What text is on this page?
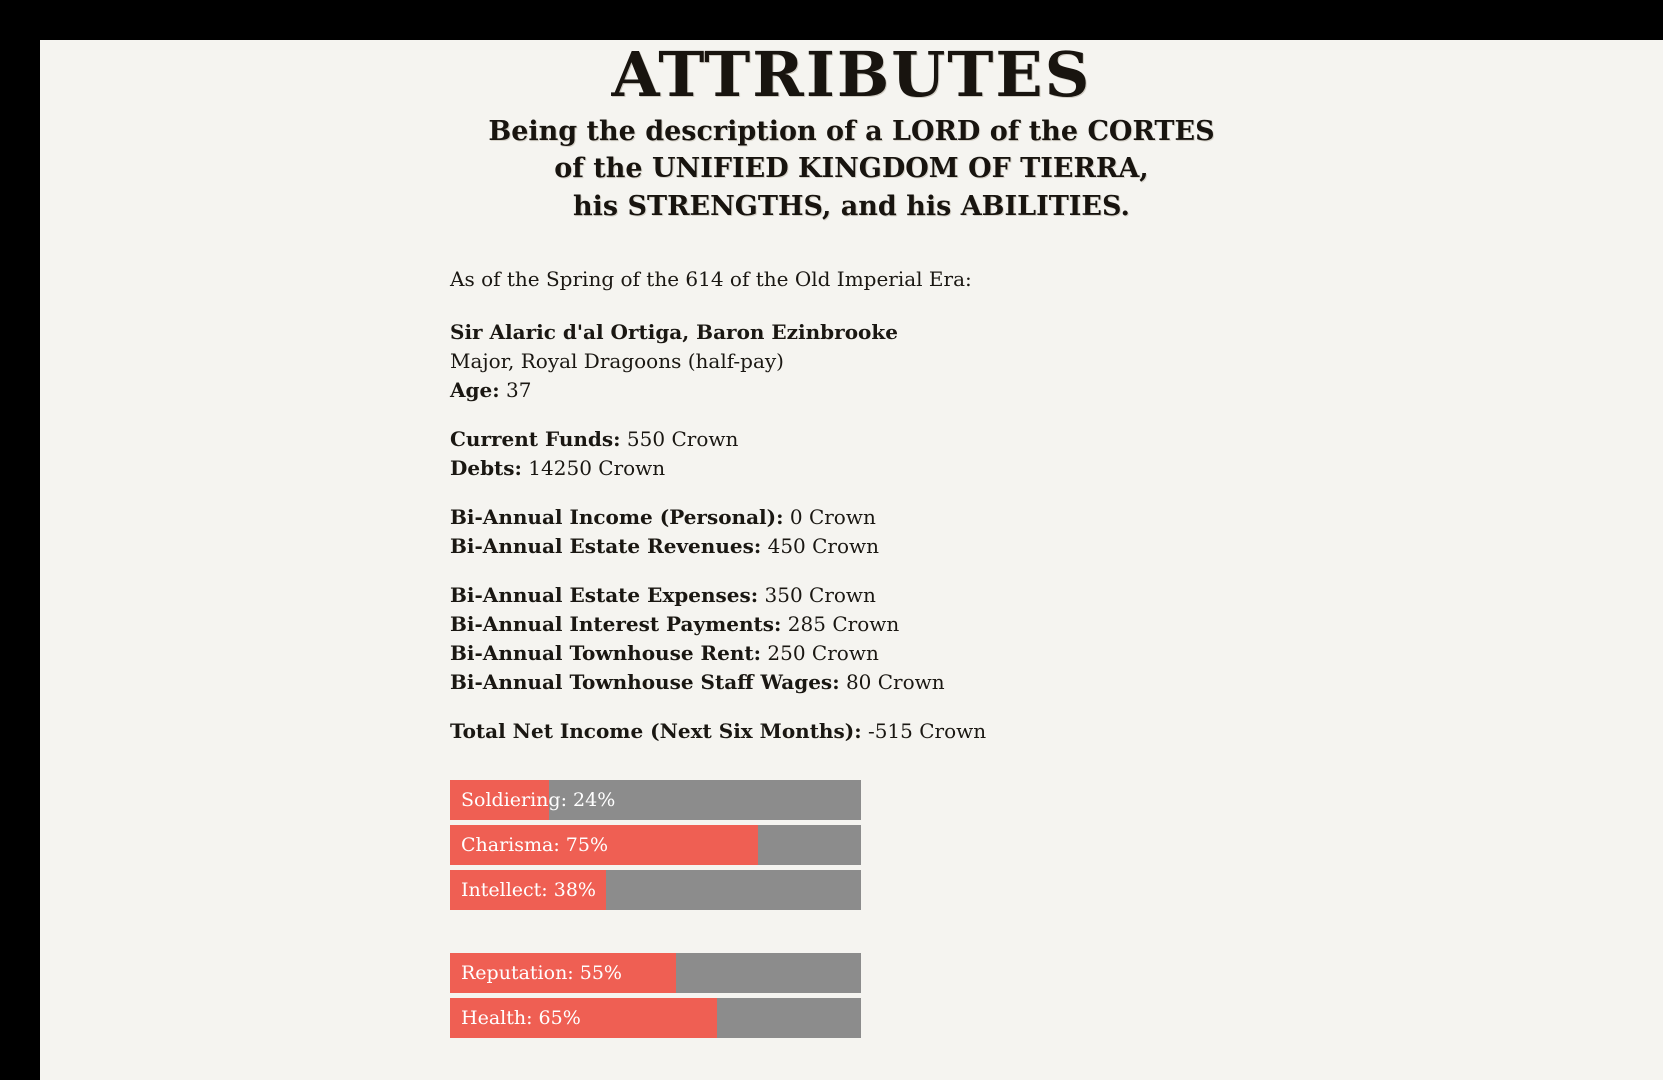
ATTRIBUTES
Being the description of a LORD of the CORTES
of the UNIFIED KINGDOM OF TIERRA,
his STRENGTHS, and his ABILITIES.

As of the Spring of the 614 of the Old Imperial Era:

Sir Alaric d'al Ortiga, Baron Ezinbrooke

Major, Royal Dragoons (half-pay)

Age: 37

Current Funds: 550 Crown

Debts: 14250 Crown

Bi-Annual Income (Personal): 0 Crown

Bi-Annual Estate Revenues: 450 Crown

Bi-Annual Estate Expenses: 350 Crown

Bi-Annual Interest Payments: 285 Crown

Bi-Annual Townhouse Rent: 250 Crown

Bi-Annual Townhouse Staff Wages: 80 Crown

Total Net Income (Next Six Months): -515 Crown

Soldiering: 24%
Charisma: 75%
Intellect: 38%
Reputation: 55%
Health: 65%
